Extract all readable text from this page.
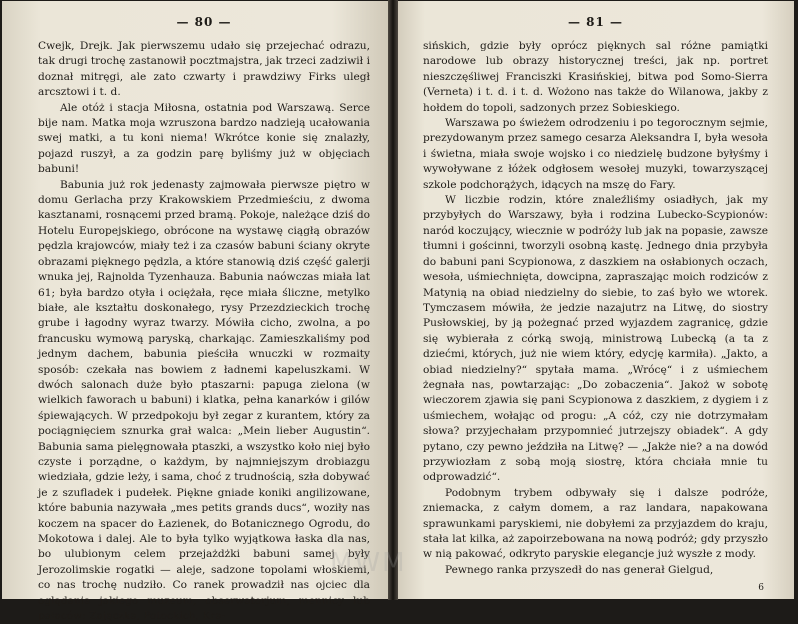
— 80 —

Cwejk, Drejk. Jak pierwszemu udało się przejechać odrazu, tak drugi trochę zastanowił pocztmajstra, jak trzeci zadziwił i doznał mitręgi, ale zato czwarty i prawdziwy Firks uległ arcsztowi i t. d.

Ale otóż i stacja Miłosna, ostatnia pod Warszawą. Serce bije nam. Matka moja wzruszona bardzo nadzieją ucałowania swej matki, a tu koni niema! Wkrótce konie się znalazły, pojazd ruszył, a za godzin parę byliśmy już w objęciach babuni!

Babunia już rok jedenasty zajmowała pierwsze piętro w domu Gerlacha przy Krakowskiem Przedmieściu, z dwoma kasztanami, rosnącemi przed bramą. Pokoje, należące dziś do Hotelu Europejskiego, obrócone na wystawę ciągłą obrazów pędzla krajowców, miały też i za czasów babuni ściany okryte obrazami pięknego pędzla, a które stanowią dziś część galerji wnuka jej, Rajnolda Tyzenhauza. Babunia naówczas miała lat 61; była bardzo otyła i ociężała, ręce miała śliczne, metylko białe, ale kształtu doskonałego, rysy Przezdzieckich trochę grube i łagodny wyraz twarzy. Mówiła cicho, zwolna, a po francusku wymową paryską, charkając. Zamieszkaliśmy pod jednym dachem, babunia pieściła wnuczki w rozmaity sposób: czekała nas bowiem z ładnemi kapeluszkami. W dwóch salonach duże było ptaszarni: papuga zielona (w wielkich faworach u babuni) i klatka, pełna kanarków i gilów śpiewających. W przedpokoju był zegar z kurantem, który za pociągnięciem sznurka grał walca: „Mein lieber Augustin“. Babunia sama pielęgnowała ptaszki, a wszystko koło niej było czyste i porządne, o każdym, by najmniejszym drobiazgu wiedziała, gdzie leży, i sama, choć z trudnością, szła dobywać je z szufladek i pudełek. Piękne gniade koniki angilizowane, które babunia nazywała „mes petits grands ducs“, woziły nas koczem na spacer do Łazienek, do Botanicznego Ogrodu, do Mokotowa i dalej. Ale to była tylko wyjątkowa łaska dla nas, bo ulubionym celem przejażdżki babuni samej były Jerozolimskie rogatki — aleje, sadzone topolami włoskiemi, co nas trochę nudziło. Co ranek prowadził nas ojciec dla oglądania jakiego muzeum, obserwatorjum, mennicy lub pałaców: Zajączka, Potockich, Kra-

— 81 —

sińskich, gdzie były oprócz pięknych sal różne pamiątki narodowe lub obrazy historycznej treści, jak np. portret nieszczęśliwej Franciszki Krasińskiej, bitwa pod Somo-Sierra (Vernetа) i t. d. i t. d. Wożono nas także do Wilanowa, jakby z hołdem do topoli, sadzonych przez Sobieskiego.

Warszawa po świeżem odrodzeniu i po tegorocznym sejmie, prezydowanym przez samego cesarza Aleksandra I, była wesoła i świetna, miała swoje wojsko i co niedzielę budzone byłyśmy i wywoływane z łóżek odgłosem wesołej muzyki, towarzyszącej szkole podchorążych, idących na mszę do Fary.

W liczbie rodzin, które znaleźliśmy osiadłych, jak my przybyłych do Warszawy, była i rodzina Lubecko-Scypionów: naród koczujący, wiecznie w podróży lub jak na popasie, zawsze tłumni i gościnni, tworzyli osobną kastę. Jednego dnia przybyła do babuni pani Scypionowa, z daszkiem na osłabionych oczach, wesoła, uśmiechnięta, dowcipna, zapraszając moich rodziców z Matynią na obiad niedzielny do siebie, to zaś było we wtorek. Tymczasem mówiła, że jedzie nazajutrz na Litwę, do siostry Pusłowskiej, by ją pożegnać przed wyjazdem zagranicę, gdzie się wybierała z córką swoją, ministrową Lubecką (a ta z dziećmi, których, już nie wiem który, edycję karmiła). „Jakto, a obiad niedzielny?“ spytała mama. „Wrócę“ i z uśmiechem żegnała nas, powtarzając: „Do zobaczenia“. Jakoż w sobotę wieczorem zjawia się pani Scypionowa z daszkiem, z dygiem i z uśmiechem, wołając od progu: „A cóż, czy nie dotrzymałam słowa? przyjechałam przypomnieć jutrzejszy obiadek“. A gdy pytano, czy pewno jeździła na Litwę? — „Jakże nie? a na dowód przywiozłam z sobą moją siostrę, która chciała mnie tu odprowadzić“.

Podobnym trybem odbywały się i dalsze podróże, zniemacka, z całym domem, a raz landara, napakowana sprawunkami paryskiemi, nie dobyłemi za przyjazdem do kraju, stała lat kilka, aż zapoirzebowana na nową podróż; gdy przyszło w nią pakować, odkryto paryskie elegancje już wyszłe z mody.

Pewnego ranka przyszedł do nas generał Gielgud,

6
MWM
